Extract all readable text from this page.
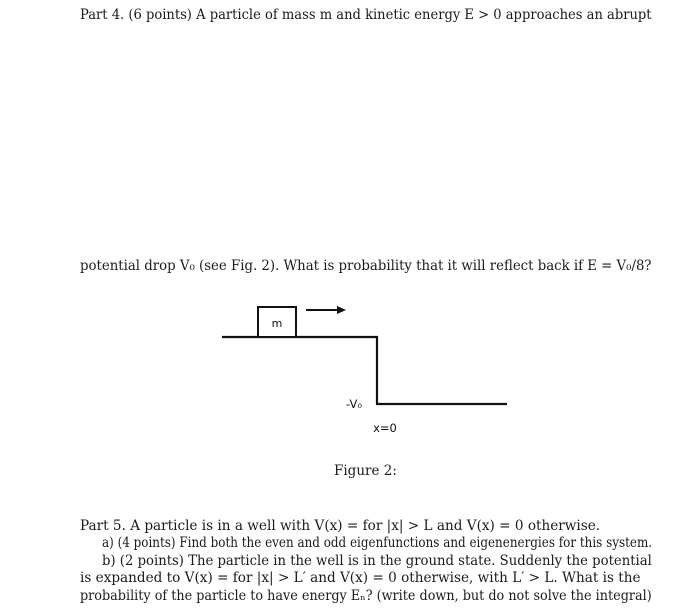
Part 4. (6 points) A particle of mass m and kinetic energy E > 0 approaches an abrupt
potential drop V₀ (see Fig. 2). What is probability that it will reflect back if E = V₀/8?
m
-V₀
x=0
Figure 2:
Part 5. A particle is in a well with V(x) = for |x| > L and V(x) = 0 otherwise.
a) (4 points) Find both the even and odd eigenfunctions and eigenenergies for this system.
b) (2 points) The particle in the well is in the ground state. Suddenly the potential
is expanded to V(x) = for |x| > L′ and V(x) = 0 otherwise, with L′ > L. What is the
probability of the particle to have energy Eₙ? (write down, but do not solve the integral)
